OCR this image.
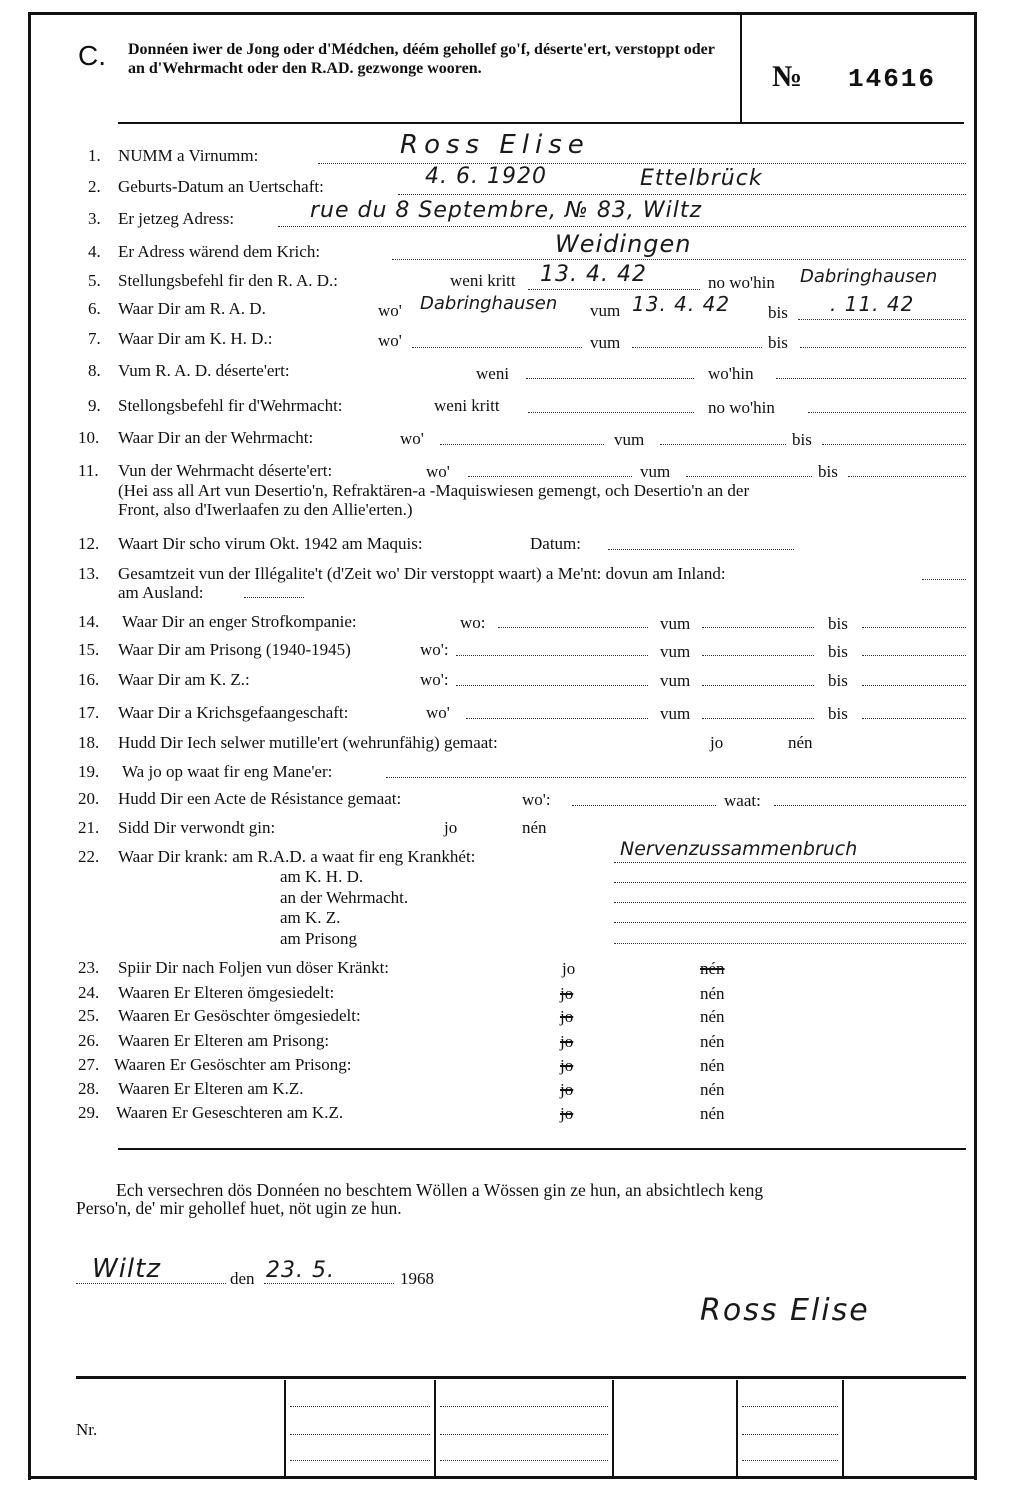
C. Donnéen iwer de Jong oder d'Médchen, déém gehollef go'f, déserte'ert, verstoppt oder an d'Wehrmacht oder den R.AD. gezwonge wooren.	№ 14616
1. NUMM a Virnumm:	Ross Elise
2. Geburts-Datum an Uertschaft:	4. 6. 1920	Ettelbrück
3. Er jetzeg Adress:	rue du 8 Septembre, № 83, Wiltz
4. Er Adress wärend dem Krich:	Weidingen
5. Stellungsbefehl fir den R. A. D.:	weni kritt 13. 4. 42	no wo'hin Dabringhausen
6. Waar Dir am R. A. D.	wo' Dabringhausen vum 13. 4. 42 bis . 11. 42
7. Waar Dir am K. H. D.:	wo'	vum	bis
8. Vum R. A. D. déserte'ert:	weni	wo'hin
9. Stellongsbefehl fir d'Wehrmacht:	weni kritt	no wo'hin
10. Waar Dir an der Wehrmacht:	wo'	vum	bis
11. Vun der Wehrmacht déserte'ert:	wo'	vum	bis
(Hei ass all Art vun Desertio'n, Refraktären-a -Maquiswiesen gemengt, och Desertio'n an der
Front, also d'Iwerlaafen zu den Allie'erten.)
12. Waart Dir scho virum Okt. 1942 am Maquis:	Datum:
13. Gesamtzeit vun der Illégalite't (d'Zeit wo' Dir verstoppt waart) a Me'nt: dovun am Inland:
am Ausland:
14. Waar Dir an enger Strofkompanie:	wo:	vum	bis
15. Waar Dir am Prisong (1940-1945)	wo':	vum	bis
16. Waar Dir am K. Z.:	wo':	vum	bis
17. Waar Dir a Krichsgefaangeschaft:	wo'	vum	bis
18. Hudd Dir Iech selwer mutille'ert (wehrunfähig) gemaat:	jo	nén
19. Wa jo op waat fir eng Mane'er:
20. Hudd Dir een Acte de Résistance gemaat:	wo':	waat:
21. Sidd Dir verwondt gin:	jo	nén
22. Waar Dir krank: am R.A.D. a waat fir eng Krankhét:	Nervenzussammenbruch
am K. H. D.
an der Wehrmacht.
am K. Z.
am Prisong
23. Spiir Dir nach Foljen vun döser Kränkt:	jo	nén
24. Waaren Er Elteren ömgesiedelt:	jo	nén
25. Waaren Er Gesöschter ömgesiedelt:	jo	nén
26. Waaren Er Elteren am Prisong:	jo	nén
27. Waaren Er Gesöschter am Prisong:	jo	nén
28. Waaren Er Elteren am K.Z.	jo	nén
29. Waaren Er Geseschteren am K.Z.	jo	nén
Ech versechren dös Donnéen no beschtem Wöllen a Wössen gin ze hun, an absichtlech keng
Perso'n, de' mir gehollef huet, nöt ugin ze hun.
Wiltz	den 23. 5.	1968
Ross Elise
Nr.
